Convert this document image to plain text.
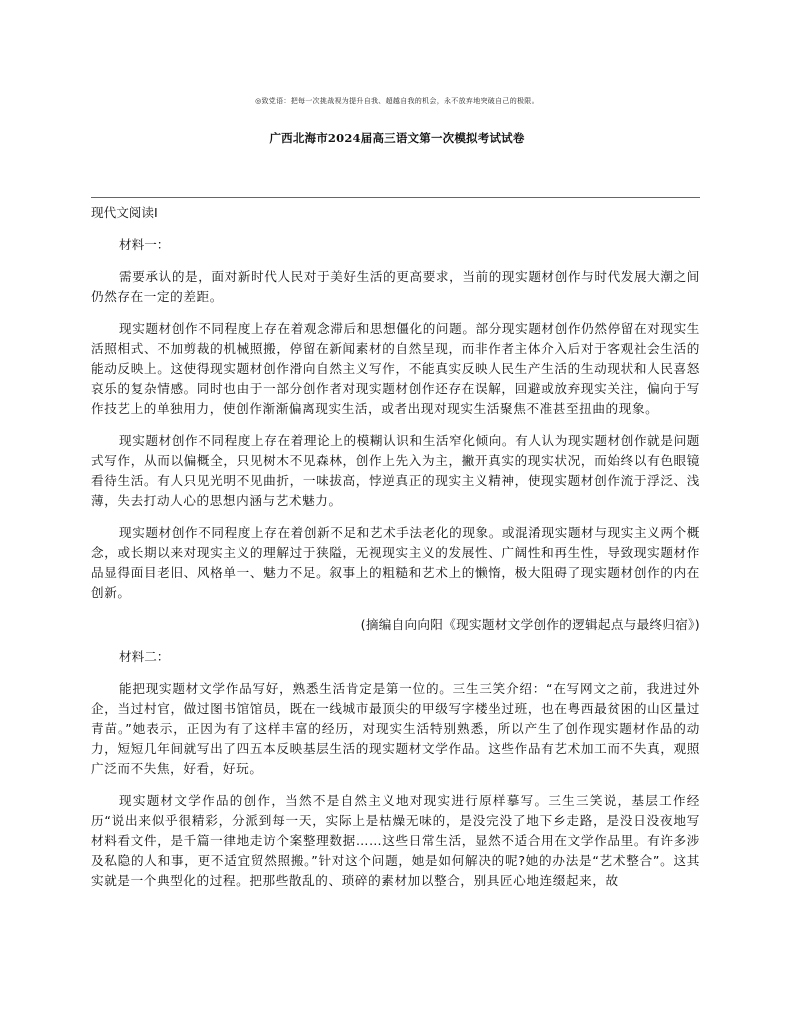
◎致党语：把每一次挑战视为提升自我、超越自我的机会，永不放弃地突破自己的极限。
广西北海市2024届高三语文第一次模拟考试试卷
现代文阅读Ⅰ
材料一：

需要承认的是，面对新时代人民对于美好生活的更高要求，当前的现实题材创作与时代发展大潮之间仍然存在一定的差距。

现实题材创作不同程度上存在着观念滞后和思想僵化的问题。部分现实题材创作仍然停留在对现实生活照相式、不加剪裁的机械照搬，停留在新闻素材的自然呈现，而非作者主体介入后对于客观社会生活的能动反映上。这使得现实题材创作滑向自然主义写作，不能真实反映人民生产生活的生动现状和人民喜怒哀乐的复杂情感。同时也由于一部分创作者对现实题材创作还存在误解，回避或放弃现实关注，偏向于写作技艺上的单独用力，使创作渐渐偏离现实生活，或者出现对现实生活聚焦不准甚至扭曲的现象。

现实题材创作不同程度上存在着理论上的模糊认识和生活窄化倾向。有人认为现实题材创作就是问题式写作，从而以偏概全，只见树木不见森林，创作上先入为主，撇开真实的现实状况，而始终以有色眼镜看待生活。有人只见光明不见曲折，一味拔高，悖逆真正的现实主义精神，使现实题材创作流于浮泛、浅薄，失去打动人心的思想内涵与艺术魅力。

现实题材创作不同程度上存在着创新不足和艺术手法老化的现象。或混淆现实题材与现实主义两个概念，或长期以来对现实主义的理解过于狭隘，无视现实主义的发展性、广阔性和再生性，导致现实题材作品显得面目老旧、风格单一、魅力不足。叙事上的粗糙和艺术上的懒惰，极大阻碍了现实题材创作的内在创新。

(摘编自向向阳《现实题材文学创作的逻辑起点与最终归宿》)
材料二：

能把现实题材文学作品写好，熟悉生活肯定是第一位的。三生三笑介绍：“在写网文之前，我进过外企，当过村官，做过图书馆馆员，既在一线城市最顶尖的甲级写字楼坐过班，也在粤西最贫困的山区量过青苗。”她表示，正因为有了这样丰富的经历，对现实生活特别熟悉，所以产生了创作现实题材作品的动力，短短几年间就写出了四五本反映基层生活的现实题材文学作品。这些作品有艺术加工而不失真，观照广泛而不失焦，好看，好玩。

现实题材文学作品的创作，当然不是自然主义地对现实进行原样摹写。三生三笑说，基层工作经历“说出来似乎很精彩，分派到每一天，实际上是枯燥无味的，是没完没了地下乡走路，是没日没夜地写材料看文件，是千篇一律地走访个案整理数据……这些日常生活，显然不适合用在文学作品里。有许多涉及私隐的人和事，更不适宜贸然照搬。”针对这个问题，她是如何解决的呢?她的办法是“艺术整合”。这其实就是一个典型化的过程。把那些散乱的、琐碎的素材加以整合，别具匠心地连缀起来，故
